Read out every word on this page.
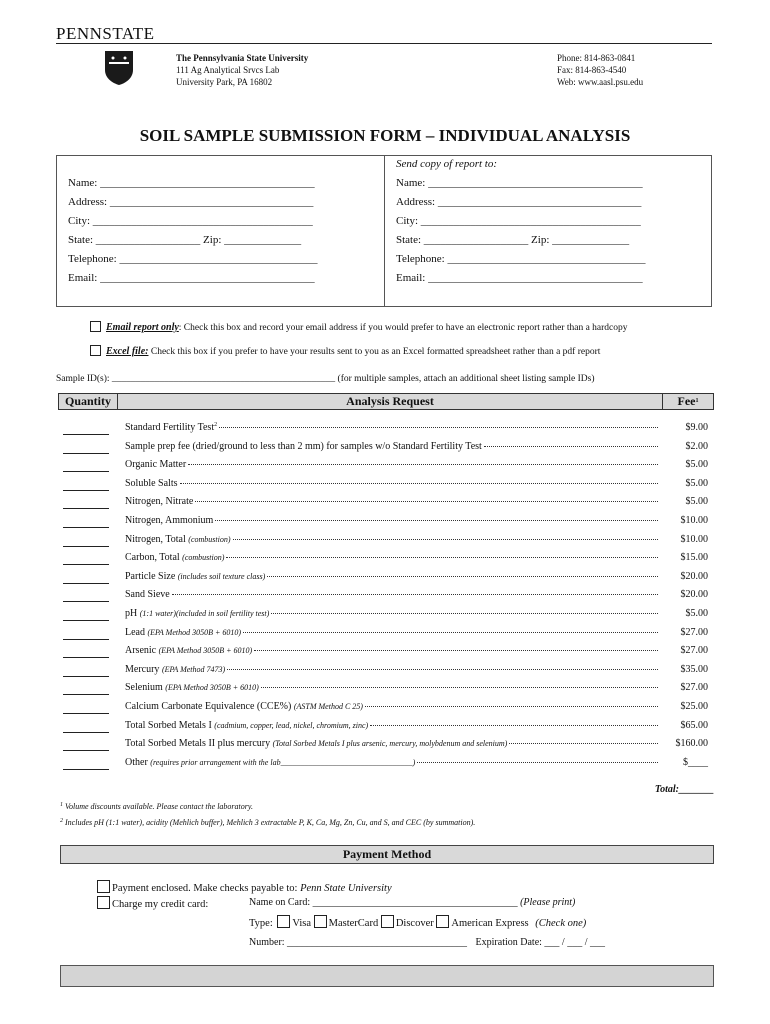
PENNSTATE
The Pennsylvania State University
111 Ag Analytical Srvcs Lab
University Park, PA 16802
Phone: 814-863-0841
Fax: 814-863-4540
Web: www.aasl.psu.edu
SOIL SAMPLE SUBMISSION FORM – INDIVIDUAL ANALYSIS
Name: _______________________________________
Address: _____________________________________
City: ________________________________________
State: ___________________ Zip: ______________
Telephone: ____________________________________
Email: _______________________________________
Send copy of report to:
Name: _______________________________________
Address: _____________________________________
City: ________________________________________
State: ___________________ Zip: ______________
Telephone: ____________________________________
Email: _______________________________________
Email report only: Check this box and record your email address if you would prefer to have an electronic report rather than a hardcopy
Excel file: Check this box if you prefer to have your results sent to you as an Excel formatted spreadsheet rather than a pdf report
Sample ID(s): _______________________________________________ (for multiple samples, attach an additional sheet listing sample IDs)
Quantity	Analysis Request	Fee$^1$
Standard Fertility Test$^2$	$9.00
Sample prep fee (dried/ground to less than 2 mm) for samples w/o Standard Fertility Test	$2.00
Organic Matter	$5.00
Soluble Salts	$5.00
Nitrogen, Nitrate	$5.00
Nitrogen, Ammonium	$10.00
Nitrogen, Total (combustion)	$10.00
Carbon, Total (combustion)	$15.00
Particle Size (includes soil texture class)	$20.00
Sand Sieve	$20.00
pH (1:1 water)(included in soil fertility test)	$5.00
Lead (EPA Method 3050B + 6010)	$27.00
Arsenic (EPA Method 3050B + 6010)	$27.00
Mercury (EPA Method 7473)	$35.00
Selenium (EPA Method 3050B + 6010)	$27.00
Calcium Carbonate Equivalence (CCE%) (ASTM Method C 25)	$25.00
Total Sorbed Metals I (cadmium, copper, lead, nickel, chromium, zinc)	$65.00
Total Sorbed Metals II plus mercury (Total Sorbed Metals I plus arsenic, mercury, molybdenum and selenium)	$160.00
Other (requires prior arrangement with the lab_________________________________)	$____
Total:_______
$^1$ Volume discounts available. Please contact the laboratory.
$^2$ Includes pH (1:1 water), acidity (Mehlich buffer), Mehlich 3 extractable P, K, Ca, Mg, Zn, Cu, and S, and CEC (by summation).
Payment Method
Payment enclosed. Make checks payable to: Penn State University
Charge my credit card:	Name on Card: _________________________________________ (Please print)
Type: Visa MasterCard Discover American Express (Check one)
Number: ____________________________________ Expiration Date: ___ / ___ / ___
